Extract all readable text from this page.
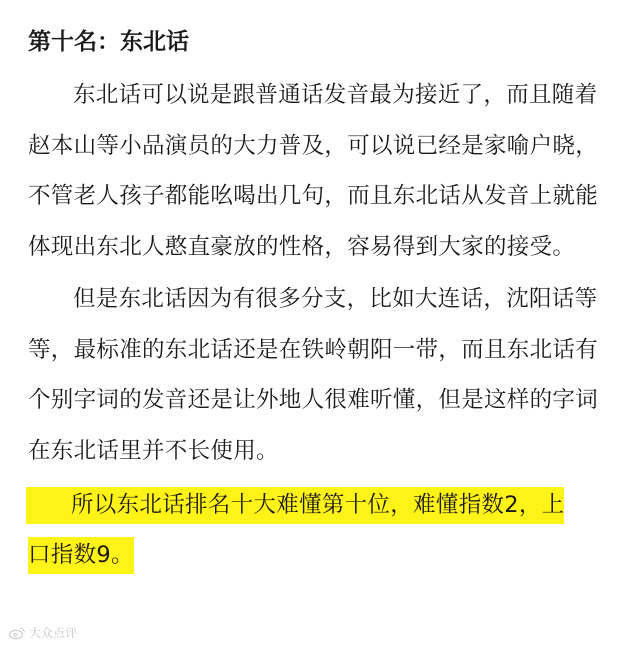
第十名：东北话

东北话可以说是跟普通话发音最为接近了，而且随着赵本山等小品演员的大力普及，可以说已经是家喻户晓，不管老人孩子都能吆喝出几句，而且东北话从发音上就能体现出东北人憨直豪放的性格，容易得到大家的接受。

但是东北话因为有很多分支，比如大连话，沈阳话等等，最标准的东北话还是在铁岭朝阳一带，而且东北话有个别字词的发音还是让外地人很难听懂，但是这样的字词在东北话里并不长使用。

所以东北话排名十大难懂第十位，难懂指数2，上
口指数9。
大众点评
